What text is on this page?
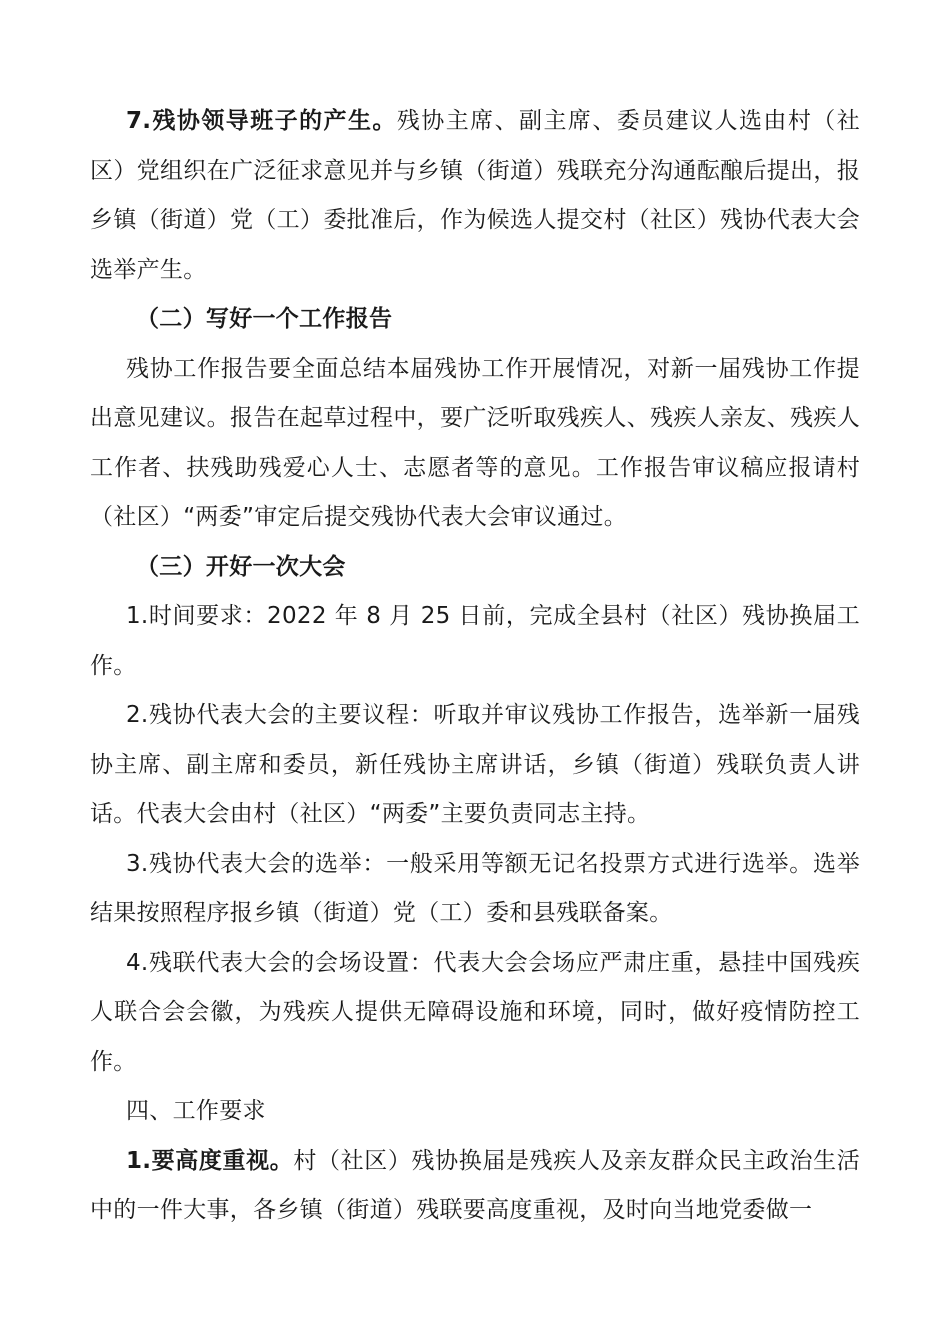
7.残协领导班子的产生。残协主席、副主席、委员建议人选由村（社区）党组织在广泛征求意见并与乡镇（街道）残联充分沟通酝酿后提出，报乡镇（街道）党（工）委批准后，作为候选人提交村（社区）残协代表大会选举产生。

（二）写好一个工作报告

残协工作报告要全面总结本届残协工作开展情况，对新一届残协工作提出意见建议。报告在起草过程中，要广泛听取残疾人、残疾人亲友、残疾人工作者、扶残助残爱心人士、志愿者等的意见。工作报告审议稿应报请村（社区）“两委”审定后提交残协代表大会审议通过。

（三）开好一次大会

1.时间要求：2022 年 8 月 25 日前，完成全县村（社区）残协换届工作。

2.残协代表大会的主要议程：听取并审议残协工作报告，选举新一届残协主席、副主席和委员，新任残协主席讲话，乡镇（街道）残联负责人讲话。代表大会由村（社区）“两委”主要负责同志主持。

3.残协代表大会的选举：一般采用等额无记名投票方式进行选举。选举结果按照程序报乡镇（街道）党（工）委和县残联备案。

4.残联代表大会的会场设置：代表大会会场应严肃庄重，悬挂中国残疾人联合会会徽，为残疾人提供无障碍设施和环境，同时，做好疫情防控工作。

四、工作要求

1.要高度重视。村（社区）残协换届是残疾人及亲友群众民主政治生活中的一件大事，各乡镇（街道）残联要高度重视，及时向当地党委做一
